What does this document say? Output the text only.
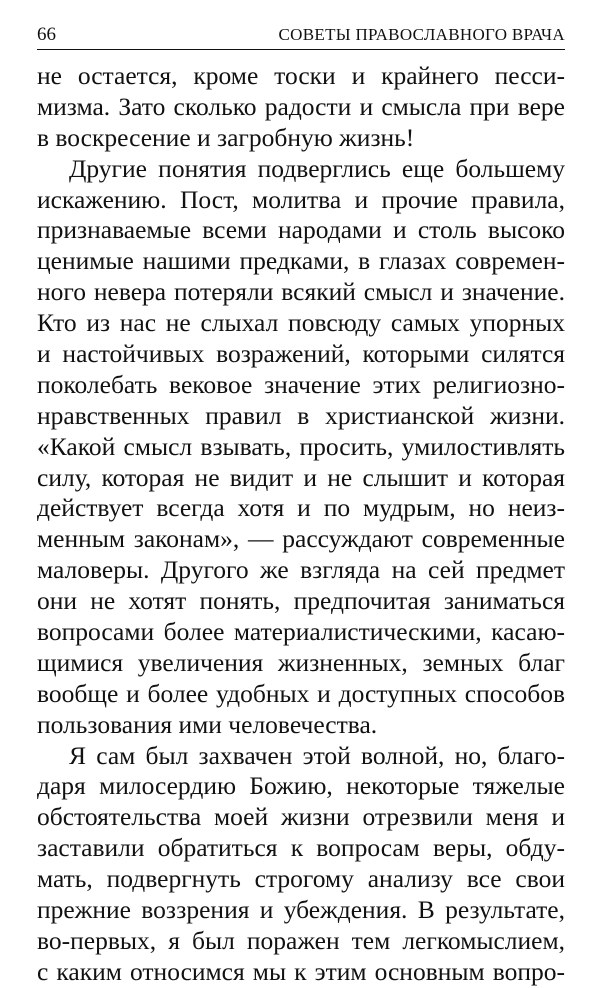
66	СОВЕТЫ ПРАВОСЛАВНОГО ВРАЧА
не остается, кроме тоски и крайнего песси-
мизма. Зато сколько радости и смысла при вере
в воскресение и загробную жизнь!
Другие понятия подверглись еще большему
искажению. Пост, молитва и прочие правила,
признаваемые всеми народами и столь высоко
ценимые нашими предками, в глазах современ-
ного невера потеряли всякий смысл и значение.
Кто из нас не слыхал повсюду самых упорных
и настойчивых возражений, которыми силятся
поколебать вековое значение этих религиозно-
нравственных правил в христианской жизни.
«Какой смысл взывать, просить, умилостивлять
силу, которая не видит и не слышит и которая
действует всегда хотя и по мудрым, но неиз-
менным законам», — рассуждают современные
маловеры. Другого же взгляда на сей предмет
они не хотят понять, предпочитая заниматься
вопросами более материалистическими, касаю-
щимися увеличения жизненных, земных благ
вообще и более удобных и доступных способов
пользования ими человечества.
Я сам был захвачен этой волной, но, благо-
даря милосердию Божию, некоторые тяжелые
обстоятельства моей жизни отрезвили меня и
заставили обратиться к вопросам веры, обду-
мать, подвергнуть строгому анализу все свои
прежние воззрения и убеждения. В результате,
во-первых, я был поражен тем легкомыслием,
с каким относимся мы к этим основным вопро-
